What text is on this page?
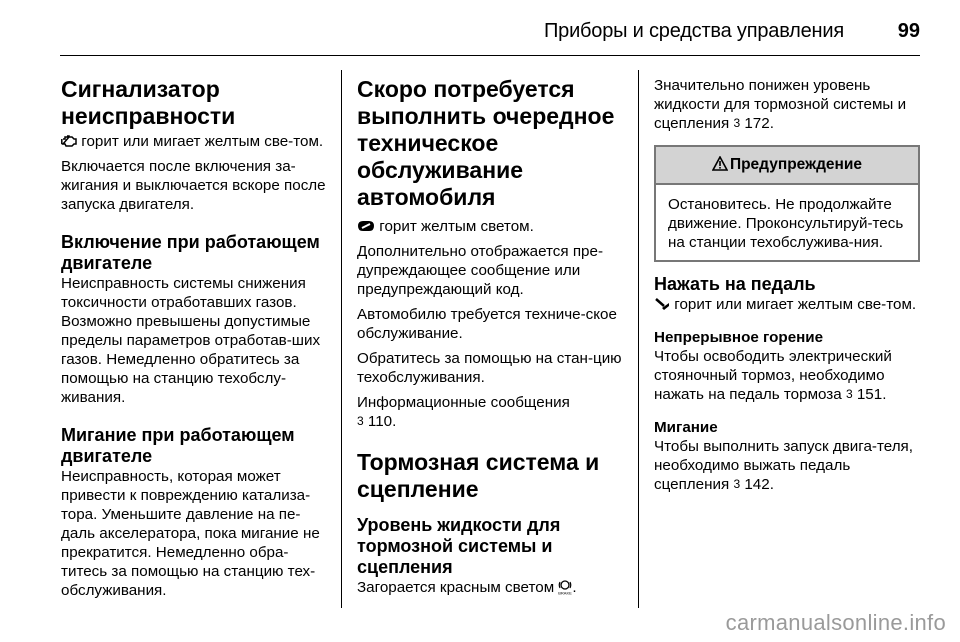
Приборы и средства управления	99
Сигнализатор неисправности

горит или мигает желтым све-том.

Включается после включения за-жигания и выключается вскоре после запуска двигателя.

Включение при работающем двигателе

Неисправность системы снижения токсичности отработавших газов. Возможно превышены допустимые пределы параметров отработав-ших газов. Немедленно обратитесь за помощью на станцию техобслу-живания.

Мигание при работающем двигателе

Неисправность, которая может привести к повреждению катализа-тора. Уменьшите давление на пе-даль акселератора, пока мигание не прекратится. Немедленно обра-титесь за помощью на станцию тех-обслуживания.

Скоро потребуется выполнить очередное техническое обслуживание автомобиля

горит желтым светом.

Дополнительно отображается пре-дупреждающее сообщение или предупреждающий код.

Автомобилю требуется техниче-ское обслуживание.

Обратитесь за помощью на стан-цию техобслуживания.

Информационные сообщения
3 110.

Тормозная система и сцепление
Уровень жидкости для тормозной системы и сцепления

Загорается красным светом BRAKE .

Значительно понижен уровень жидкости для тормозной системы и сцепления 3 172.

Предупреждение
Остановитесь. Не продолжайте движение. Проконсультируй-тесь на станции техобслужива-ния.
Нажать на педаль

горит или мигает желтым све-том.

Непрерывное горение

Чтобы освободить электрический стояночный тормоз, необходимо нажать на педаль тормоза 3 151.

Мигание

Чтобы выполнить запуск двига-теля, необходимо выжать педаль сцепления 3 142.

carmanualsonline.info
